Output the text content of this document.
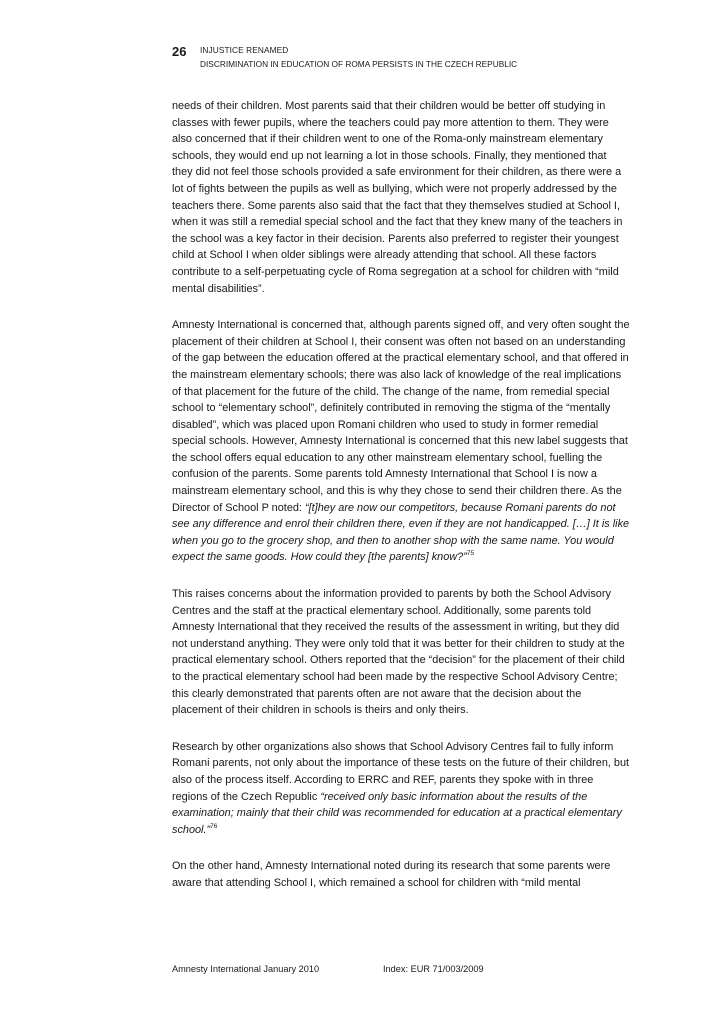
26 INJUSTICE RENAMED
DISCRIMINATION IN EDUCATION OF ROMA PERSISTS IN THE CZECH REPUBLIC

needs of their children. Most parents said that their children would be better off studying in classes with fewer pupils, where the teachers could pay more attention to them. They were also concerned that if their children went to one of the Roma-only mainstream elementary schools, they would end up not learning a lot in those schools. Finally, they mentioned that they did not feel those schools provided a safe environment for their children, as there were a lot of fights between the pupils as well as bullying, which were not properly addressed by the teachers there. Some parents also said that the fact that they themselves studied at School I, when it was still a remedial special school and the fact that they knew many of the teachers in the school was a key factor in their decision. Parents also preferred to register their youngest child at School I when older siblings were already attending that school. All these factors contribute to a self-perpetuating cycle of Roma segregation at a school for children with “mild mental disabilities”.

Amnesty International is concerned that, although parents signed off, and very often sought the placement of their children at School I, their consent was often not based on an understanding of the gap between the education offered at the practical elementary school, and that offered in the mainstream elementary schools; there was also lack of knowledge of the real implications of that placement for the future of the child. The change of the name, from remedial special school to “elementary school”, definitely contributed in removing the stigma of the “mentally disabled”, which was placed upon Romani children who used to study in former remedial special schools. However, Amnesty International is concerned that this new label suggests that the school offers equal education to any other mainstream elementary school, fuelling the confusion of the parents. Some parents told Amnesty International that School I is now a mainstream elementary school, and this is why they chose to send their children there. As the Director of School P noted: “[t]hey are now our competitors, because Romani parents do not see any difference and enrol their children there, even if they are not handicapped. […] It is like when you go to the grocery shop, and then to another shop with the same name. You would expect the same goods. How could they [the parents] know?”$^{75}$

This raises concerns about the information provided to parents by both the School Advisory Centres and the staff at the practical elementary school. Additionally, some parents told Amnesty International that they received the results of the assessment in writing, but they did not understand anything. They were only told that it was better for their children to study at the practical elementary school. Others reported that the “decision” for the placement of their child to the practical elementary school had been made by the respective School Advisory Centre; this clearly demonstrated that parents often are not aware that the decision about the placement of their children in schools is theirs and only theirs.

Research by other organizations also shows that School Advisory Centres fail to fully inform Romani parents, not only about the importance of these tests on the future of their children, but also of the process itself. According to ERRC and REF, parents they spoke with in three regions of the Czech Republic “received only basic information about the results of the examination; mainly that their child was recommended for education at a practical elementary school.”$^{76}$

On the other hand, Amnesty International noted during its research that some parents were aware that attending School I, which remained a school for children with “mild mental

Amnesty International January 2010	Index: EUR 71/003/2009
